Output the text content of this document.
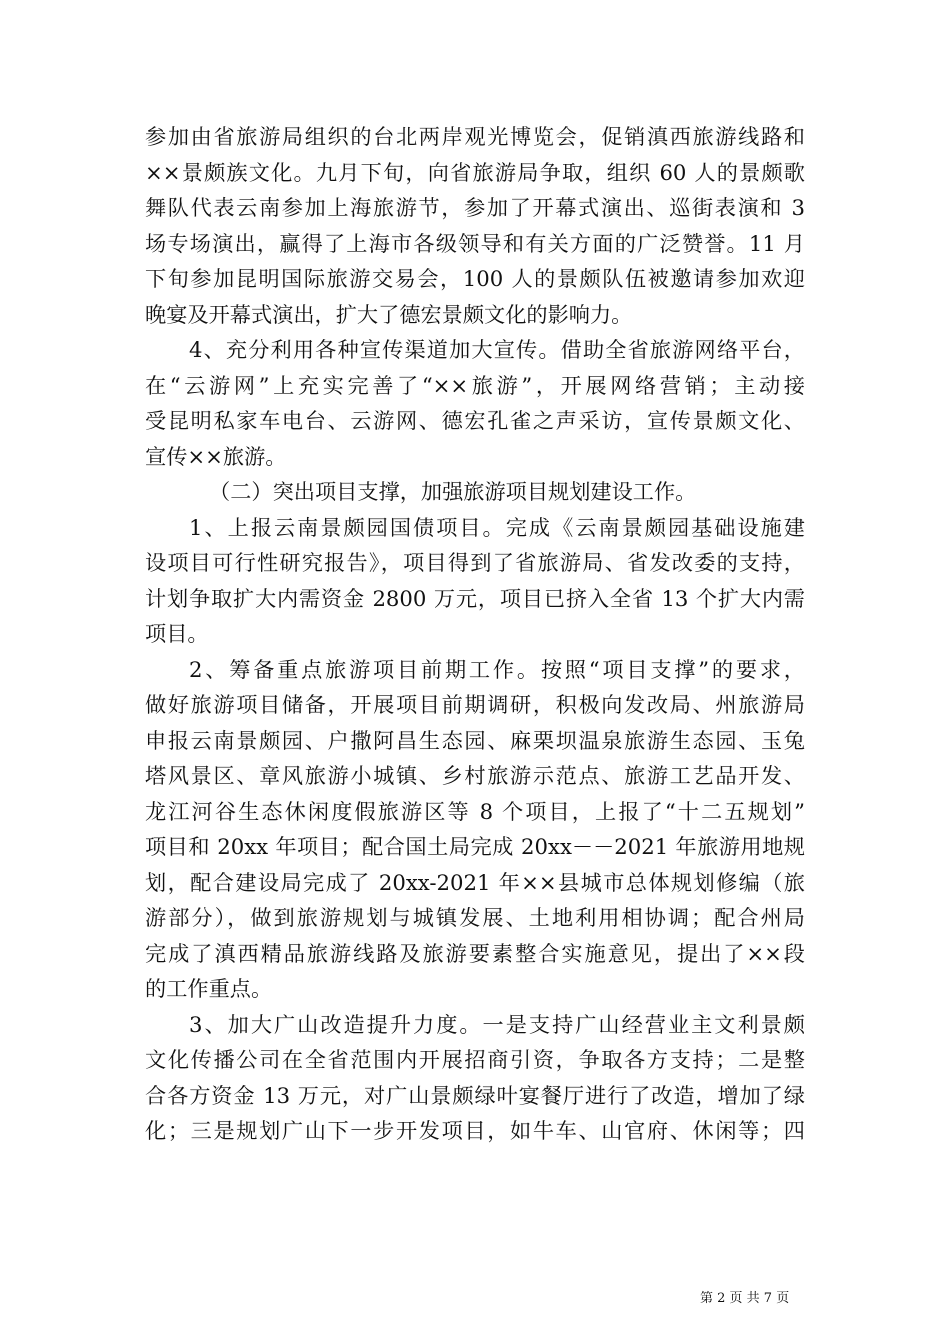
参加由省旅游局组织的台北两岸观光博览会，促销滇西旅游线路和
××景颇族文化。九月下旬，向省旅游局争取，组织 60 人的景颇歌
舞队代表云南参加上海旅游节，参加了开幕式演出、巡街表演和 3
场专场演出，赢得了上海市各级领导和有关方面的广泛赞誉。11 月
下旬参加昆明国际旅游交易会，100 人的景颇队伍被邀请参加欢迎
晚宴及开幕式演出，扩大了德宏景颇文化的影响力。
4、充分利用各种宣传渠道加大宣传。借助全省旅游网络平台，
在“云游网”上充实完善了“××旅游”，开展网络营销；主动接
受昆明私家车电台、云游网、德宏孔雀之声采访，宣传景颇文化、
宣传××旅游。
（二）突出项目支撑，加强旅游项目规划建设工作。
1、上报云南景颇园国债项目。完成《云南景颇园基础设施建
设项目可行性研究报告》，项目得到了省旅游局、省发改委的支持，
计划争取扩大内需资金 2800 万元，项目已挤入全省 13 个扩大内需
项目。
2、筹备重点旅游项目前期工作。按照“项目支撑”的要求，
做好旅游项目储备，开展项目前期调研，积极向发改局、州旅游局
申报云南景颇园、户撒阿昌生态园、麻栗坝温泉旅游生态园、玉兔
塔风景区、章风旅游小城镇、乡村旅游示范点、旅游工艺品开发、
龙江河谷生态休闲度假旅游区等 8 个项目，上报了“十二五规划”
项目和 20xx 年项目；配合国土局完成 20xx－－2021 年旅游用地规
划，配合建设局完成了 20xx-2021 年××县城市总体规划修编（旅
游部分），做到旅游规划与城镇发展、土地利用相协调；配合州局
完成了滇西精品旅游线路及旅游要素整合实施意见，提出了××段
的工作重点。
3、加大广山改造提升力度。一是支持广山经营业主文利景颇
文化传播公司在全省范围内开展招商引资，争取各方支持；二是整
合各方资金 13 万元，对广山景颇绿叶宴餐厅进行了改造，增加了绿
化；三是规划广山下一步开发项目，如牛车、山官府、休闲等；四
第 2 页 共 7 页
